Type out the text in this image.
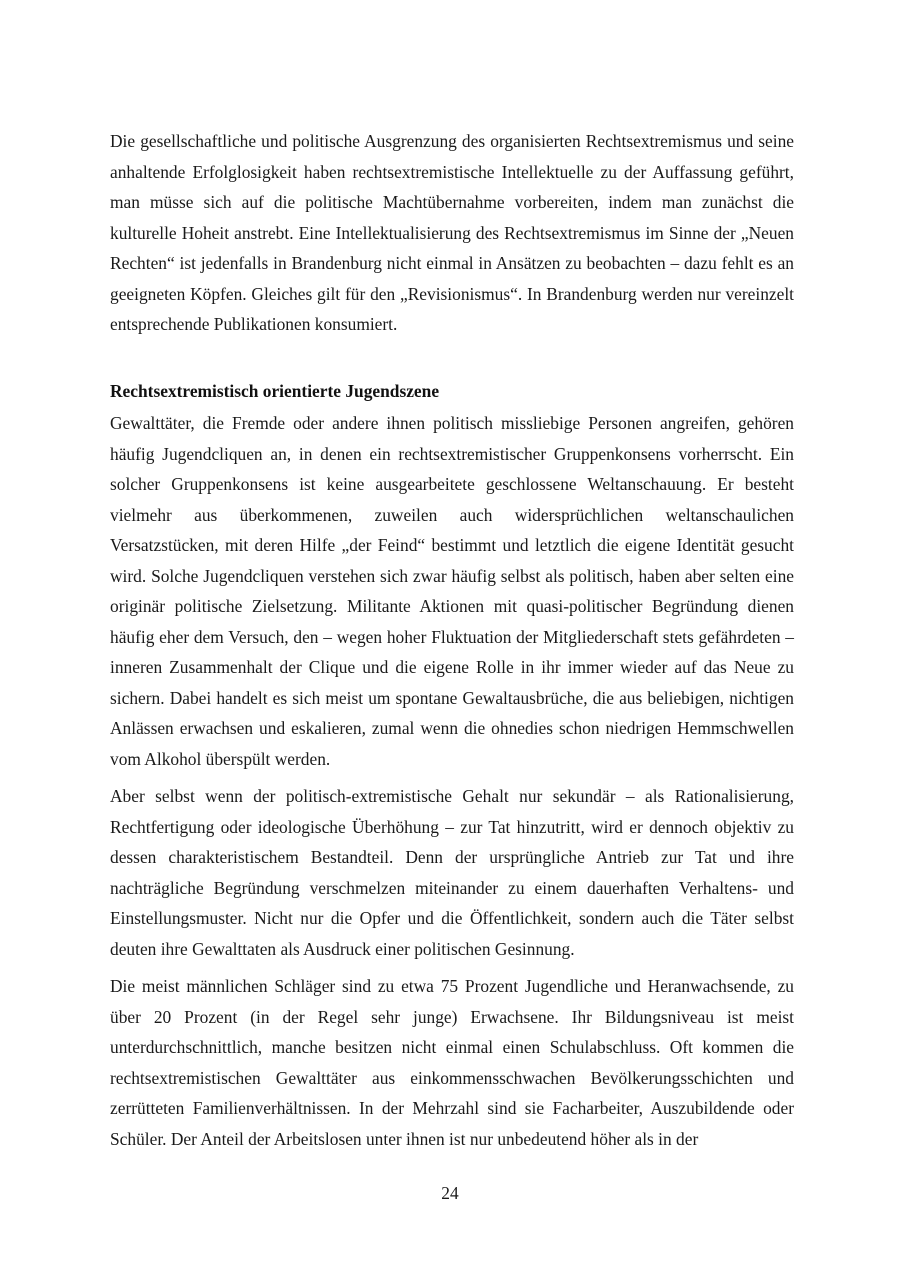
Die gesellschaftliche und politische Ausgrenzung des organisierten Rechtsextremismus und seine anhaltende Erfolglosigkeit haben rechtsextremistische Intellektuelle zu der Auffassung geführt, man müsse sich auf die politische Machtübernahme vorbereiten, indem man zunächst die kulturelle Hoheit anstrebt. Eine Intellektualisierung des Rechtsextremismus im Sinne der „Neuen Rechten“ ist jedenfalls in Brandenburg nicht einmal in Ansätzen zu beobachten – dazu fehlt es an geeigneten Köpfen. Gleiches gilt für den „Revisionismus“. In Brandenburg werden nur vereinzelt entsprechende Publikationen konsumiert.

Rechtsextremistisch orientierte Jugendszene

Gewalttäter, die Fremde oder andere ihnen politisch missliebige Personen angreifen, gehören häufig Jugendcliquen an, in denen ein rechtsextremistischer Gruppenkonsens vorherrscht. Ein solcher Gruppenkonsens ist keine ausgearbeitete geschlossene Weltanschauung. Er besteht vielmehr aus überkommenen, zuweilen auch widersprüchlichen weltanschaulichen Versatzstücken, mit deren Hilfe „der Feind“ bestimmt und letztlich die eigene Identität gesucht wird. Solche Jugendcliquen verstehen sich zwar häufig selbst als politisch, haben aber selten eine originär politische Zielsetzung. Militante Aktionen mit quasi-politischer Begründung dienen häufig eher dem Versuch, den – wegen hoher Fluktuation der Mitgliederschaft stets gefährdeten – inneren Zusammenhalt der Clique und die eigene Rolle in ihr immer wieder auf das Neue zu sichern. Dabei handelt es sich meist um spontane Gewaltausbrüche, die aus beliebigen, nichtigen Anlässen erwachsen und eskalieren, zumal wenn die ohnedies schon niedrigen Hemmschwellen vom Alkohol überspült werden.

Aber selbst wenn der politisch-extremistische Gehalt nur sekundär – als Rationalisierung, Rechtfertigung oder ideologische Überhöhung – zur Tat hinzutritt, wird er dennoch objektiv zu dessen charakteristischem Bestandteil. Denn der ursprüngliche Antrieb zur Tat und ihre nachträgliche Begründung verschmelzen miteinander zu einem dauerhaften Verhaltens- und Einstellungsmuster. Nicht nur die Opfer und die Öffentlichkeit, sondern auch die Täter selbst deuten ihre Gewalttaten als Ausdruck einer politischen Gesinnung.

Die meist männlichen Schläger sind zu etwa 75 Prozent Jugendliche und Heranwachsende, zu über 20 Prozent (in der Regel sehr junge) Erwachsene. Ihr Bildungsniveau ist meist unterdurchschnittlich, manche besitzen nicht einmal einen Schulabschluss. Oft kommen die rechtsextremistischen Gewalttäter aus einkommensschwachen Bevölkerungsschichten und zerrütteten Familienverhältnissen. In der Mehrzahl sind sie Facharbeiter, Auszubildende oder Schüler. Der Anteil der Arbeitslosen unter ihnen ist nur unbedeutend höher als in der

24
